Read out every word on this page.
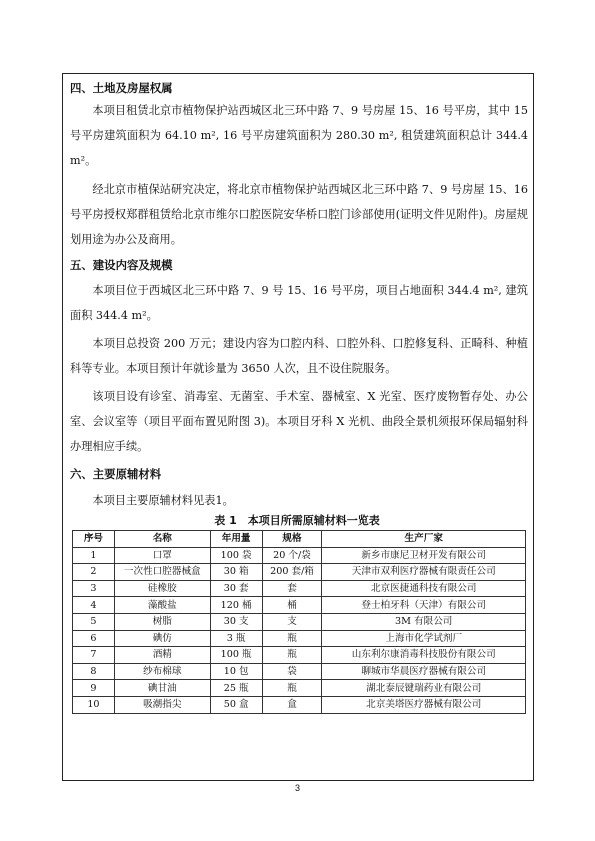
四、土地及房屋权属

本项目租赁北京市植物保护站西城区北三环中路 7、9 号房屋 15、16 号平房，其中 15 号平房建筑面积为 64.10 m², 16 号平房建筑面积为 280.30 m², 租赁建筑面积总计 344.4 m²。

经北京市植保站研究决定，将北京市植物保护站西城区北三环中路 7、9 号房屋 15、16 号平房授权郑群租赁给北京市维尔口腔医院安华桥口腔门诊部使用(证明文件见附件)。房屋规划用途为办公及商用。

五、建设内容及规模

本项目位于西城区北三环中路 7、9 号 15、16 号平房，项目占地面积 344.4 m², 建筑面积 344.4 m²。

本项目总投资 200 万元；建设内容为口腔内科、口腔外科、口腔修复科、正畸科、种植科等专业。本项目预计年就诊量为 3650 人次，且不设住院服务。

该项目设有诊室、消毒室、无菌室、手术室、器械室、X 光室、医疗废物暂存处、办公室、会议室等（项目平面布置见附图 3)。本项目牙科 X 光机、曲段全景机须报环保局辐射科办理相应手续。

六、主要原辅材料

本项目主要原辅材料见表1。

表 1　本项目所需原辅材料一览表
序号	名称	年用量	规格	生产厂家
1	口罩	100 袋	20 个/袋	新乡市康尼卫材开发有限公司
2	一次性口腔器械盒	30 箱	200 套/箱	天津市双利医疗器械有限责任公司
3	硅橡胶	30 套	套	北京医捷通科技有限公司
4	藻酸盐	120 桶	桶	登士柏牙科（天津）有限公司
5	树脂	30 支	支	3M 有限公司
6	碘仿	3 瓶	瓶	上海市化学试剂厂
7	酒精	100 瓶	瓶	山东利尔康消毒科技股份有限公司
8	纱布棉球	10 包	袋	聊城市华晨医疗器械有限公司
9	碘甘油	25 瓶	瓶	湖北泰辰键瑞药业有限公司
10	吸潮指尖	50 盒	盒	北京美塔医疗器械有限公司
3
